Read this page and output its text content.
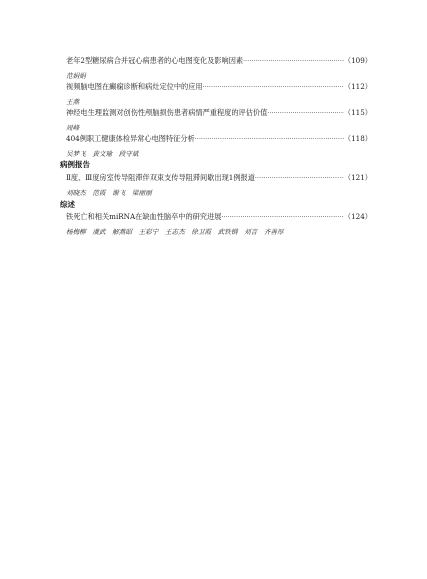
老年2型糖尿病合并冠心病患者的心电图变化及影响因素 ·····	（109）
范娟娟
视频脑电图在癫痫诊断和病灶定位中的应用 ·····	（112）
王燕
神经电生理监测对创伤性颅脑损伤患者病情严重程度的评估价值 ·····	（115）
周峰
404例职工健康体检异常心电图特征分析 ·····	（118）
吴梦飞　黄文瑜　段守斌
病例报告
Ⅱ度、Ⅲ度房室传导阻滞伴双束支传导阻滞间歇出现1例报道 ·····	（121）
刘晓杰　范霞　谢飞　梁丽丽
综述
铁死亡和相关miRNA在缺血性脑卒中的研究进展 ·····	（124）
杨梅柳　虞武　解燕昭　王彩宁　王志杰　徐卫霞　武铁钢　刘言　齐善厚
